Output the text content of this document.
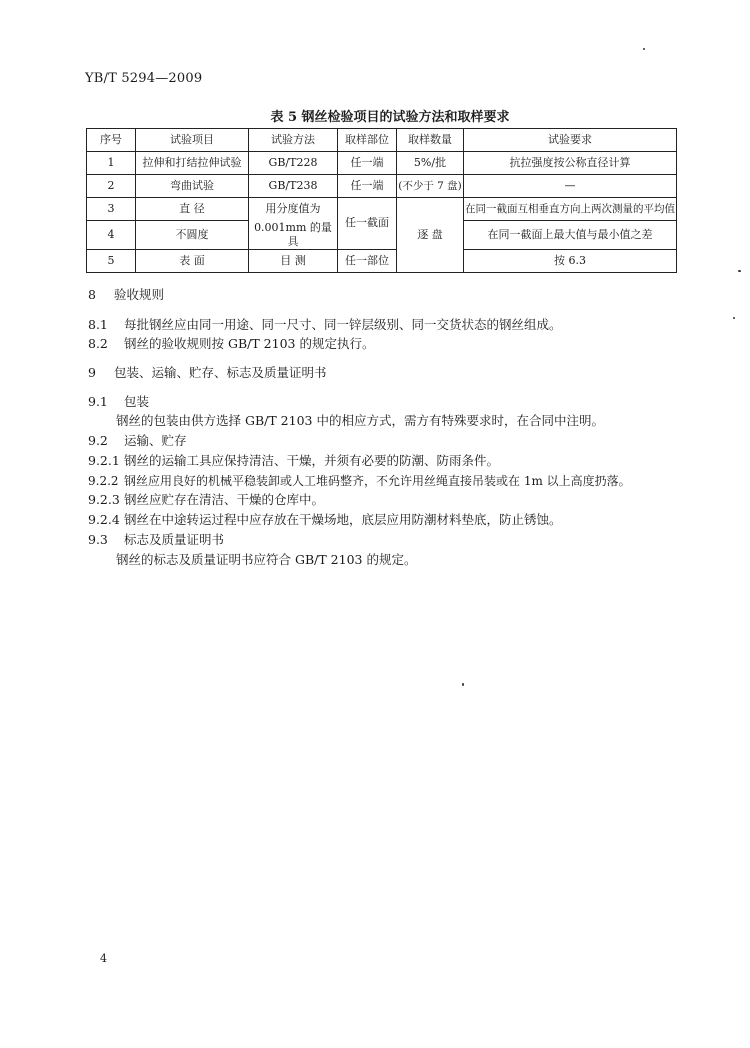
YB/T 5294—2009
表 5 钢丝检验项目的试验方法和取样要求
序号	试验项目	试验方法	取样部位	取样数量	试验要求
1	拉伸和打结拉伸试验	GB/T228	任一端	5%/批	抗拉强度按公称直径计算
2	弯曲试验	GB/T238	任一端	(不少于 7 盘)	—
3	直 径	用分度值为	任一截面	逐 盘	在同一截面互相垂直方向上两次测量的平均值
4	不圆度	0.001mm 的量具			在同一截面上最大值与最小值之差
5	表 面	目 测	任一部位		按 6.3
8 验收规则
8.1 每批钢丝应由同一用途、同一尺寸、同一锌层级别、同一交货状态的钢丝组成。
8.2 钢丝的验收规则按 GB/T 2103 的规定执行。
9 包装、运输、贮存、标志及质量证明书
9.1 包装
钢丝的包装由供方选择 GB/T 2103 中的相应方式，需方有特殊要求时，在合同中注明。
9.2 运输、贮存
9.2.1 钢丝的运输工具应保持清洁、干燥，并须有必要的防潮、防雨条件。
9.2.2 钢丝应用良好的机械平稳装卸或人工堆码整齐，不允许用丝绳直接吊装或在 1m 以上高度扔落。
9.2.3 钢丝应贮存在清洁、干燥的仓库中。
9.2.4 钢丝在中途转运过程中应存放在干燥场地，底层应用防潮材料垫底，防止锈蚀。
9.3 标志及质量证明书
钢丝的标志及质量证明书应符合 GB/T 2103 的规定。
4
